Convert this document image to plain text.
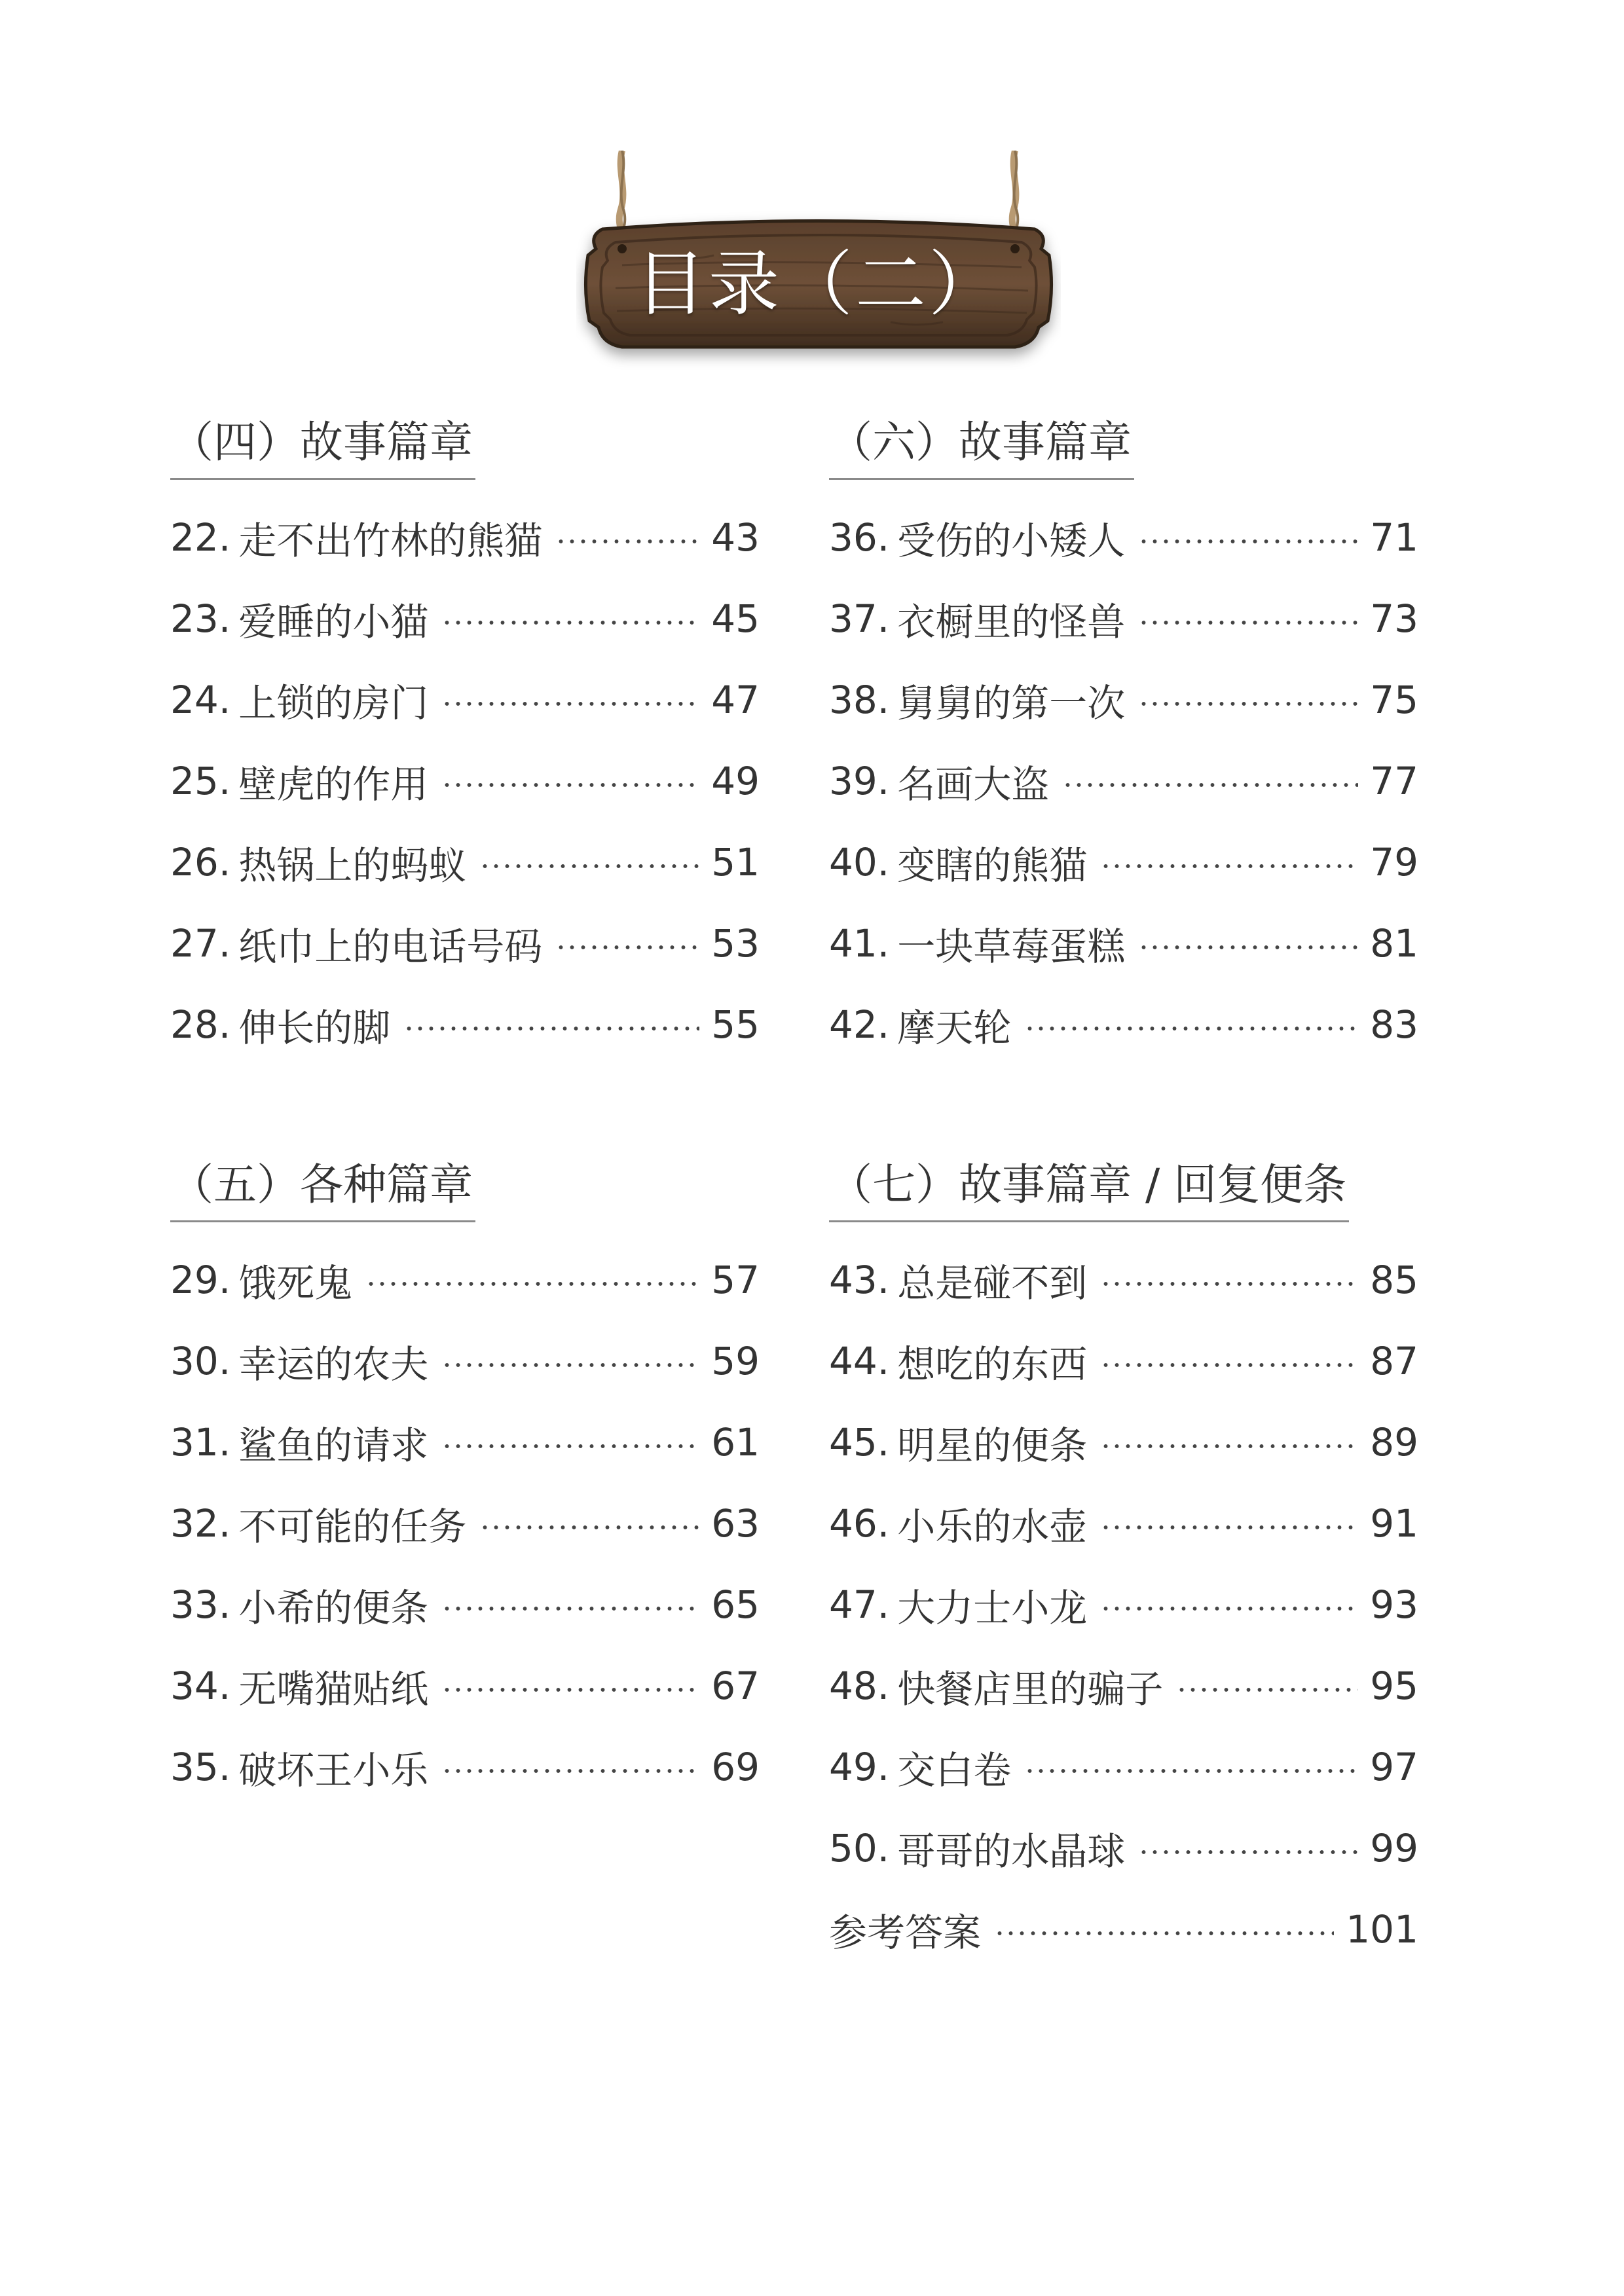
目录（二）
（四）故事篇章
22. 走不出竹林的熊猫	43
23. 爱睡的小猫	45
24. 上锁的房门	47
25. 壁虎的作用	49
26. 热锅上的蚂蚁	51
27. 纸巾上的电话号码	53
28. 伸长的脚	55
（六）故事篇章
36. 受伤的小矮人	71
37. 衣橱里的怪兽	73
38. 舅舅的第一次	75
39. 名画大盗	77
40. 变瞎的熊猫	79
41. 一块草莓蛋糕	81
42. 摩天轮	83
（五）各种篇章
29. 饿死鬼	57
30. 幸运的农夫	59
31. 鲨鱼的请求	61
32. 不可能的任务	63
33. 小希的便条	65
34. 无嘴猫贴纸	67
35. 破坏王小乐	69
（七）故事篇章 / 回复便条
43. 总是碰不到	85
44. 想吃的东西	87
45. 明星的便条	89
46. 小乐的水壶	91
47. 大力士小龙	93
48. 快餐店里的骗子	95
49. 交白卷	97
50. 哥哥的水晶球	99
参考答案	101
